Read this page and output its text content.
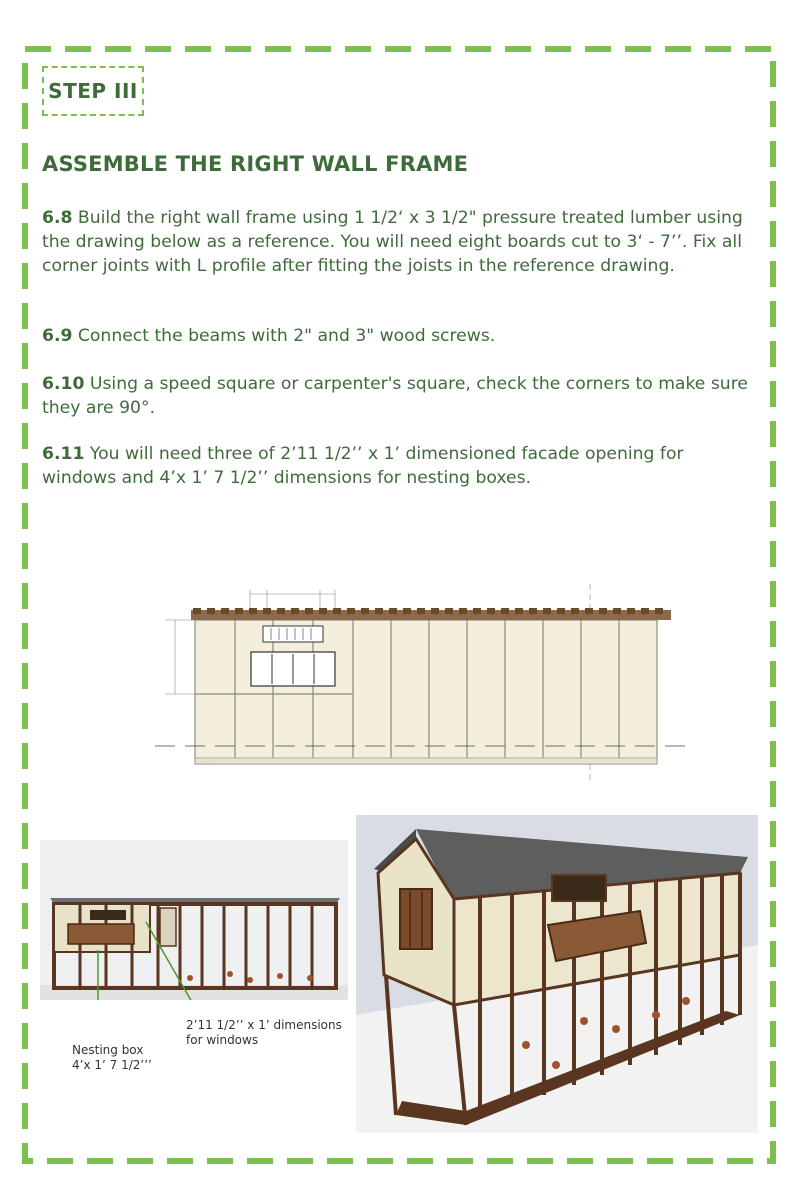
STEP III
ASSEMBLE THE RIGHT WALL FRAME
6.8 Build the right wall frame using 1 1/2‘ x 3 1/2" pressure treated lumber using the drawing below as a reference. You will need eight boards cut to 3‘ - 7’’. Fix all corner joints with L profile after fitting the joists in the reference drawing.
6.9 Connect the beams with 2" and 3" wood screws.
6.10 Using a speed square or carpenter's square, check the corners to make sure they are 90°.
6.11 You will need three of 2’11 1/2’’ x 1’ dimensioned facade opening for windows and 4’x 1’ 7 1/2’’ dimensions for nesting boxes.
2’11 1/2’’ x 1’ dimensions
for windows
Nesting box
4’x 1’ 7 1/2’’’
